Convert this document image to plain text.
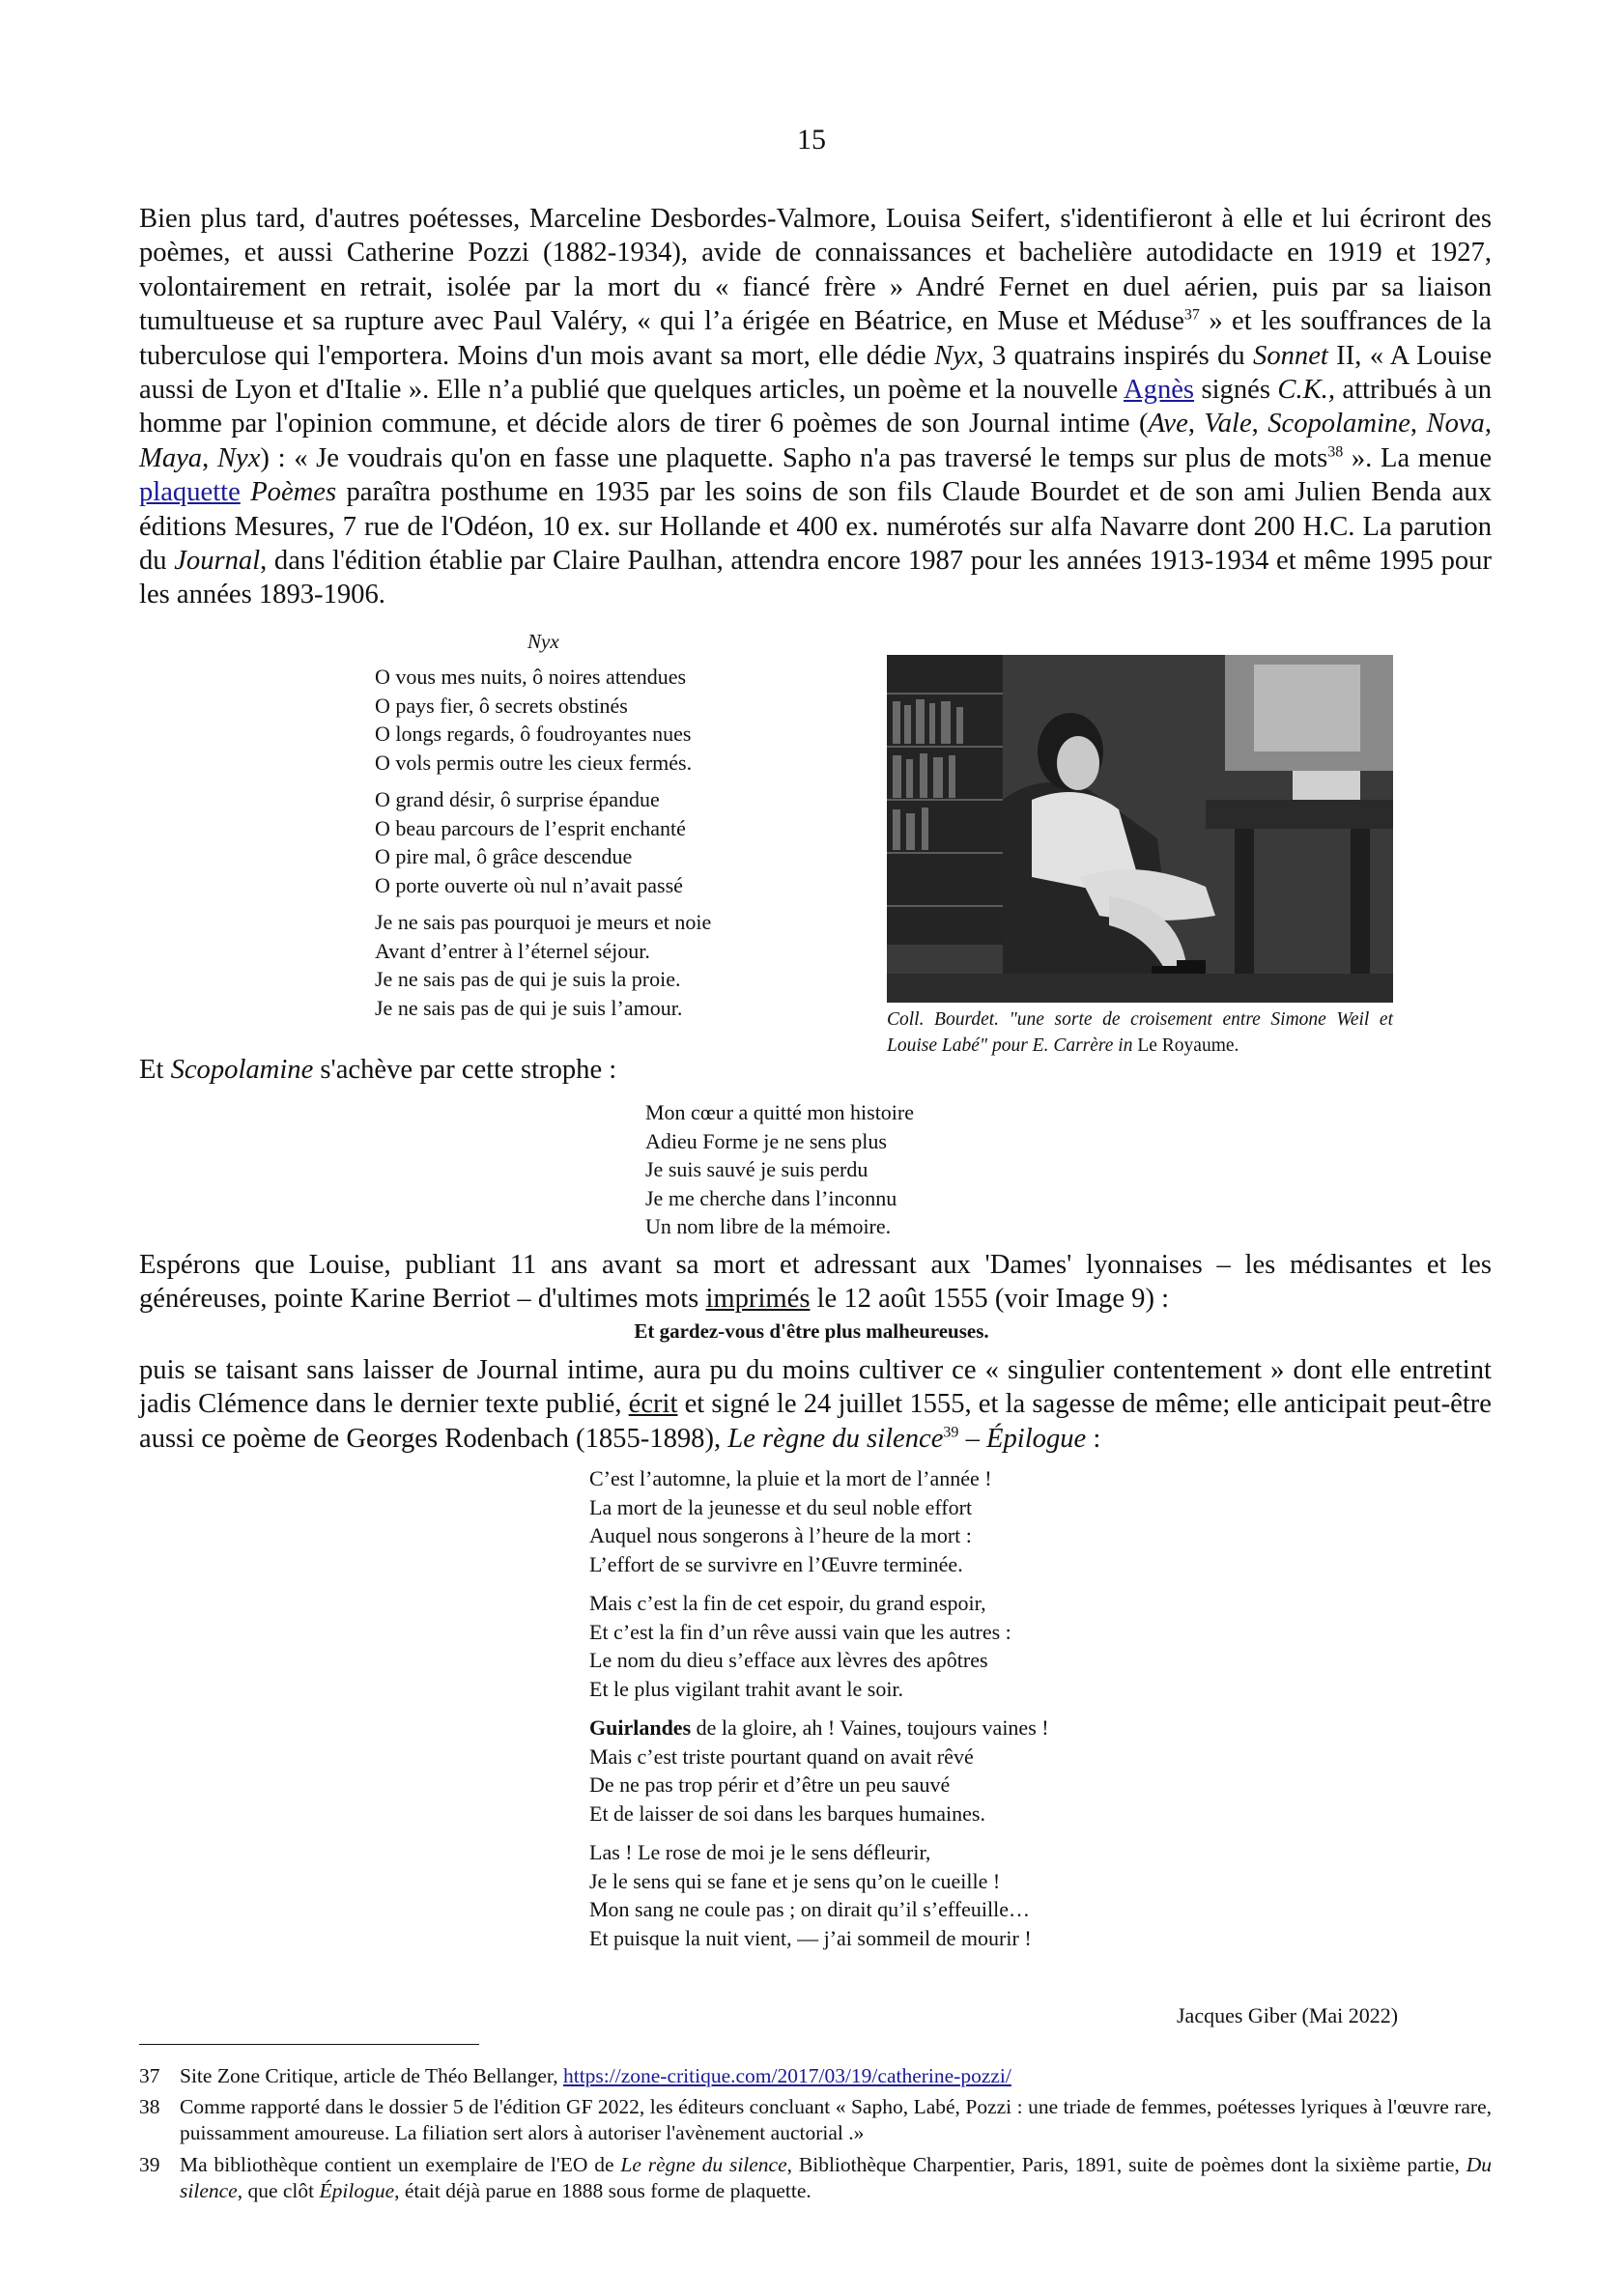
15

Bien plus tard, d'autres poétesses, Marceline Desbordes-Valmore, Louisa Seifert, s'identifieront à elle et lui écriront des poèmes, et aussi Catherine Pozzi (1882-1934), avide de connaissances et bachelière autodidacte en 1919 et 1927, volontairement en retrait, isolée par la mort du « fiancé frère » André Fernet en duel aérien, puis par sa liaison tumultueuse et sa rupture avec Paul Valéry, « qui l’a érigée en Béatrice, en Muse et Méduse$^{37}$ » et les souffrances de la tuberculose qui l'emportera. Moins d'un mois avant sa mort, elle dédie Nyx, 3 quatrains inspirés du Sonnet II, « A Louise aussi de Lyon et d'Italie ». Elle n’a publié que quelques articles, un poème et la nouvelle Agnès signés C.K., attribués à un homme par l'opinion commune, et décide alors de tirer 6 poèmes de son Journal intime (Ave, Vale, Scopolamine, Nova, Maya, Nyx) : « Je voudrais qu'on en fasse une plaquette. Sapho n'a pas traversé le temps sur plus de mots$^{38}$ ». La menue plaquette Poèmes paraîtra posthume en 1935 par les soins de son fils Claude Bourdet et de son ami Julien Benda aux éditions Mesures, 7 rue de l'Odéon, 10 ex. sur Hollande et 400 ex. numérotés sur alfa Navarre dont 200 H.C. La parution du Journal, dans l'édition établie par Claire Paulhan, attendra encore 1987 pour les années 1913-1934 et même 1995 pour les années 1893-1906.

Nyx
O vous mes nuits, ô noires attendues
O pays fier, ô secrets obstinés
O longs regards, ô foudroyantes nues
O vols permis outre les cieux fermés.
O grand désir, ô surprise épandue
O beau parcours de l’esprit enchanté
O pire mal, ô grâce descendue
O porte ouverte où nul n’avait passé
Je ne sais pas pourquoi je meurs et noie
Avant d’entrer à l’éternel séjour.
Je ne sais pas de qui je suis la proie.
Je ne sais pas de qui je suis l’amour.	Coll. Bourdet. "une sorte de croisement entre Simone Weil et Louise Labé" pour E. Carrère in Le Royaume.

Et Scopolamine s'achève par cette strophe :

Mon cœur a quitté mon histoire
Adieu Forme je ne sens plus
Je suis sauvé je suis perdu
Je me cherche dans l’inconnu
Un nom libre de la mémoire.

Espérons que Louise, publiant 11 ans avant sa mort et adressant aux 'Dames' lyonnaises – les médisantes et les généreuses, pointe Karine Berriot – d'ultimes mots imprimés le 12 août 1555 (voir Image 9) :

Et gardez-vous d'être plus malheureuses.

puis se taisant sans laisser de Journal intime, aura pu du moins cultiver ce « singulier contentement » dont elle entretint jadis Clémence dans le dernier texte publié, écrit et signé le 24 juillet 1555, et la sagesse de même; elle anticipait peut-être aussi ce poème de Georges Rodenbach (1855-1898), Le règne du silence$^{39}$ – Épilogue :

C’est l’automne, la pluie et la mort de l’année !
La mort de la jeunesse et du seul noble effort
Auquel nous songerons à l’heure de la mort :
L’effort de se survivre en l’Œuvre terminée.
Mais c’est la fin de cet espoir, du grand espoir,
Et c’est la fin d’un rêve aussi vain que les autres :
Le nom du dieu s’efface aux lèvres des apôtres
Et le plus vigilant trahit avant le soir.
Guirlandes de la gloire, ah ! Vaines, toujours vaines !
Mais c’est triste pourtant quand on avait rêvé
De ne pas trop périr et d’être un peu sauvé
Et de laisser de soi dans les barques humaines.
Las ! Le rose de moi je le sens défleurir,
Je le sens qui se fane et je sens qu’on le cueille !
Mon sang ne coule pas ; on dirait qu’il s’effeuille…
Et puisque la nuit vient, — j’ai sommeil de mourir !
Jacques Giber (Mai 2022)
37 Site Zone Critique, article de Théo Bellanger, https://zone-critique.com/2017/03/19/catherine-pozzi/
38 Comme rapporté dans le dossier 5 de l'édition GF 2022, les éditeurs concluant « Sapho, Labé, Pozzi : une triade de femmes, poétesses lyriques à l'œuvre rare, puissamment amoureuse. La filiation sert alors à autoriser l'avènement auctorial .»
39 Ma bibliothèque contient un exemplaire de l'EO de Le règne du silence, Bibliothèque Charpentier, Paris, 1891, suite de poèmes dont la sixième partie, Du silence, que clôt Épilogue, était déjà parue en 1888 sous forme de plaquette.
